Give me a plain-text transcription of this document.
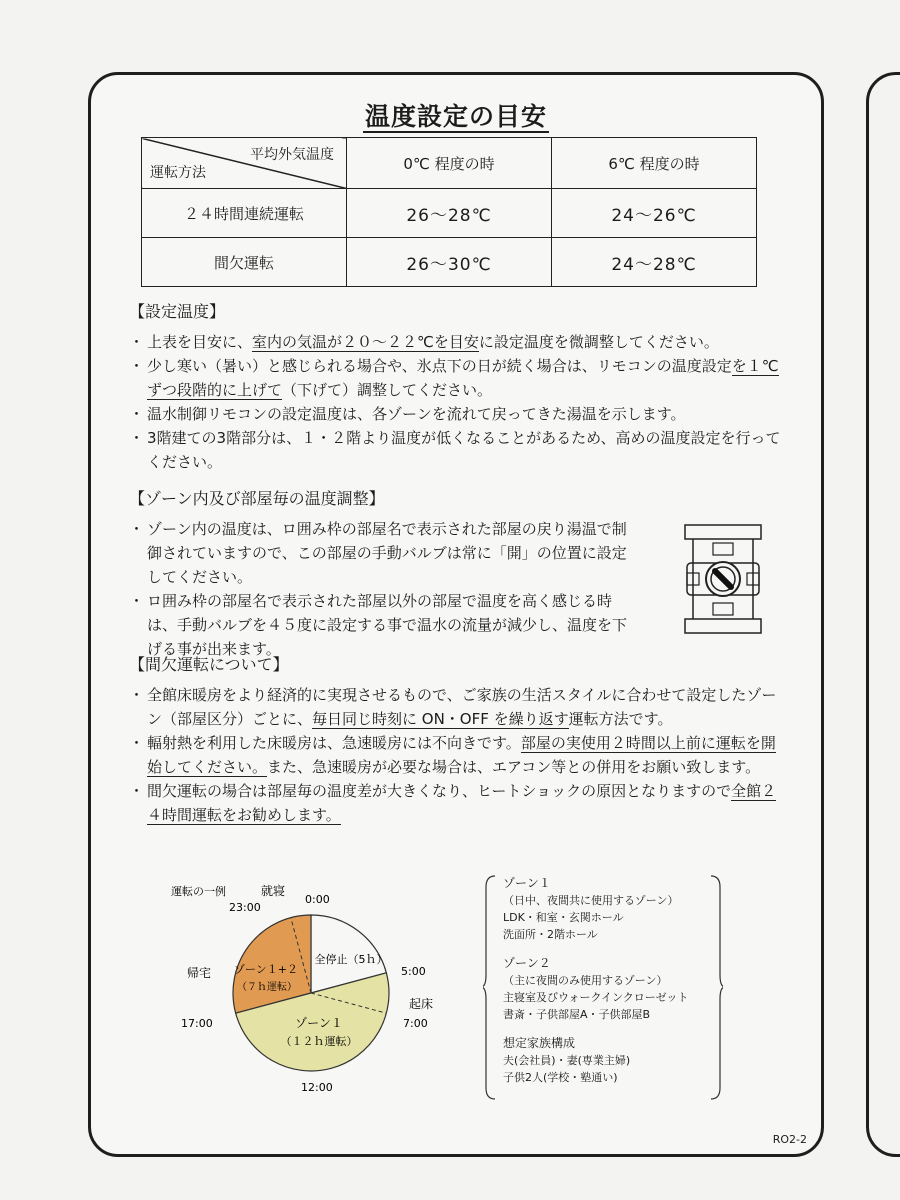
温度設定の目安
平均外気温度
運転方法	0℃ 程度の時	6℃ 程度の時
２４時間連続運転	26～28℃	24～26℃
間欠運転	26～30℃	24～28℃
【設定温度】
・ 上表を目安に、室内の気温が２０～２２℃を目安に設定温度を微調整してください。
・ 少し寒い（暑い）と感じられる場合や、氷点下の日が続く場合は、リモコンの温度設定を１℃ずつ段階的に上げて（下げて）調整してください。
・ 温水制御リモコンの設定温度は、各ゾーンを流れて戻ってきた湯温を示します。
・ 3階建ての3階部分は、１・２階より温度が低くなることがあるため、高めの温度設定を行ってください。
【ゾーン内及び部屋毎の温度調整】
・ ゾーン内の温度は、ロ囲み枠の部屋名で表示された部屋の戻り湯温で制御されていますので、この部屋の手動バルブは常に「開」の位置に設定してください。
・ ロ囲み枠の部屋名で表示された部屋以外の部屋で温度を高く感じる時は、手動バルブを４５度に設定する事で温水の流量が減少し、温度を下げる事が出来ます。
【間欠運転について】
・ 全館床暖房をより経済的に実現させるもので、ご家族の生活スタイルに合わせて設定したゾーン（部屋区分）ごとに、毎日同じ時刻に ON・OFF を繰り返す運転方法です。
・ 輻射熱を利用した床暖房は、急速暖房には不向きです。部屋の実使用２時間以上前に運転を開始してください。また、急速暖房が必要な場合は、エアコン等との併用をお願い致します。
・ 間欠運転の場合は部屋毎の温度差が大きくなり、ヒートショックの原因となりますので全館２４時間運転をお勧めします。
運転の一例	就寝
23:00
0:00
5:00
起床
7:00
帰宅
17:00
12:00
全停止（5ｈ）
ゾーン１+２
（７ｈ運転）
ゾーン１
（１２ｈ運転）
ゾーン１
（日中、夜間共に使用するゾーン）
LDK・和室・玄関ホール
洗面所・2階ホール
ゾーン２
（主に夜間のみ使用するゾーン）
主寝室及びウォークインクローゼット
書斎・子供部屋A・子供部屋B
想定家族構成
夫(会社員)・妻(専業主婦)
子供2人(学校・塾通い)
RO2-2
